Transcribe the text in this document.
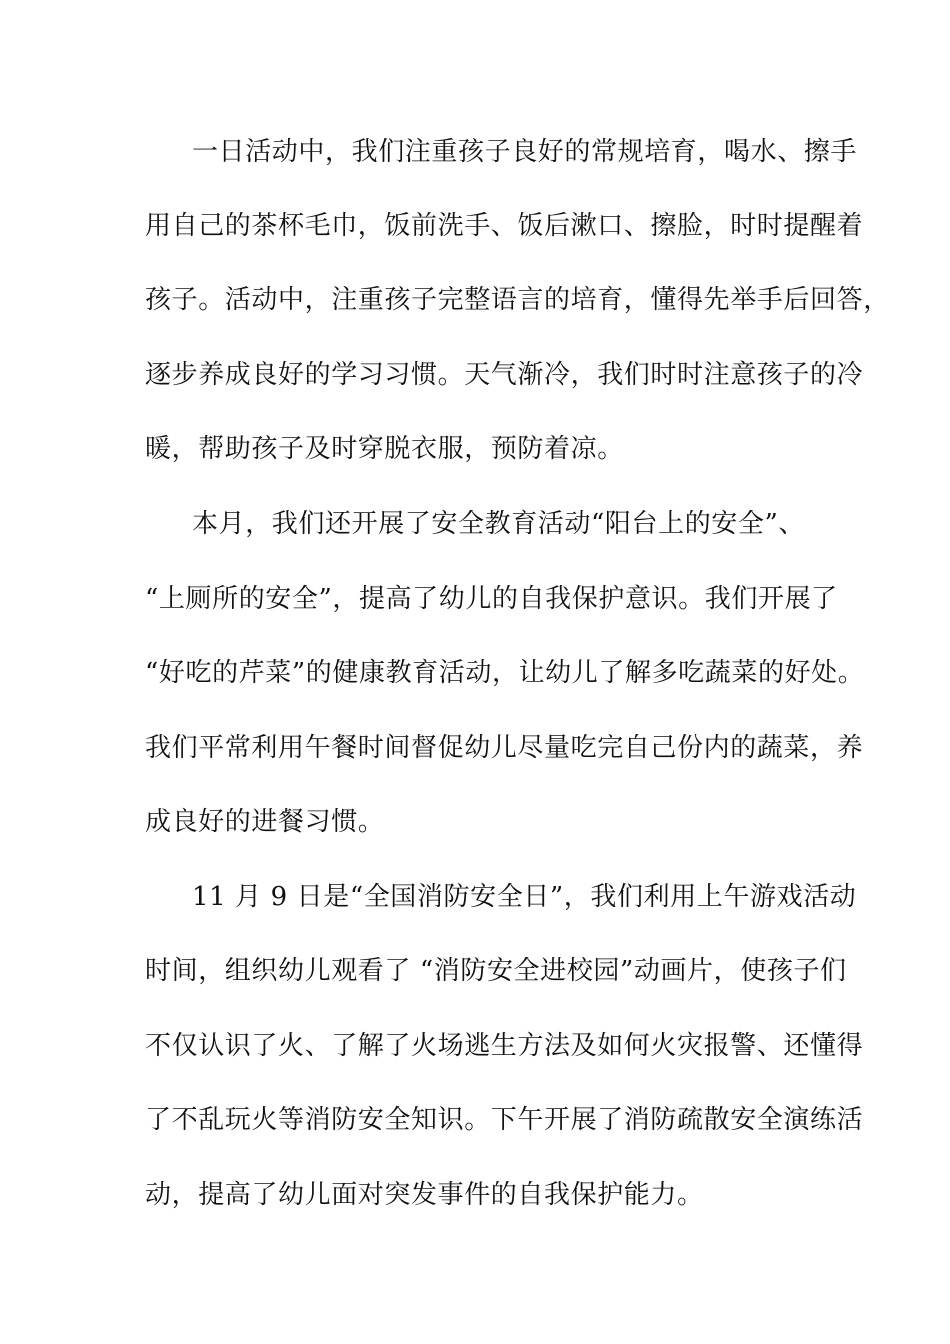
一日活动中，我们注重孩子良好的常规培育，喝水、擦手
用自己的茶杯毛巾，饭前洗手、饭后漱口、擦脸，时时提醒着
孩子。活动中，注重孩子完整语言的培育，懂得先举手后回答，
逐步养成良好的学习习惯。天气渐冷，我们时时注意孩子的冷
暖，帮助孩子及时穿脱衣服，预防着凉。
本月，我们还开展了安全教育活动“阳台上的安全”、
“上厕所的安全”，提高了幼儿的自我保护意识。我们开展了
“好吃的芹菜”的健康教育活动，让幼儿了解多吃蔬菜的好处。
我们平常利用午餐时间督促幼儿尽量吃完自己份内的蔬菜，养
成良好的进餐习惯。
11 月 9 日是“全国消防安全日”，我们利用上午游戏活动
时间，组织幼儿观看了 “消防安全进校园”动画片，使孩子们
不仅认识了火、了解了火场逃生方法及如何火灾报警、还懂得
了不乱玩火等消防安全知识。下午开展了消防疏散安全演练活
动，提高了幼儿面对突发事件的自我保护能力。
